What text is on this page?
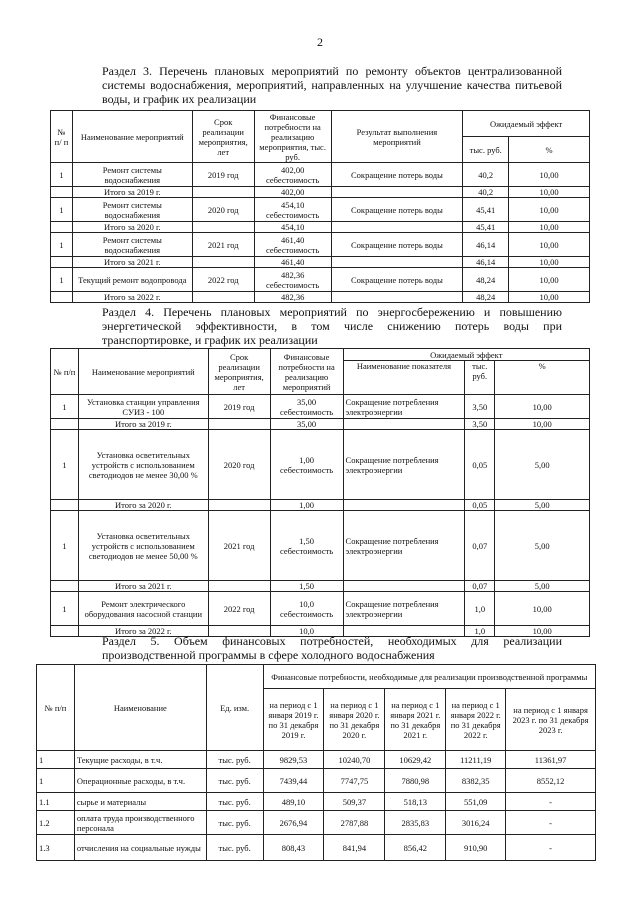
2
Раздел 3. Перечень плановых мероприятий по ремонту объектов централизованной системы водоснабжения, мероприятий, направленных на улучшение качества питьевой воды, и график их реализации
№ п/ п	Наименование мероприятий	Срок реализации мероприятия, лет	Финансовые потребности на реализацию мероприятия, тыс. руб.	Результат выполнения мероприятий	Ожидаемый эффект	
					тыс. руб.	%
1	Ремонт системы водоснабжения	2019 год	402,00 себестоимость	Сокращение потерь воды	40,2	10,00
	Итого за 2019 г.		402,00		40,2	10,00
1	Ремонт системы водоснабжения	2020 год	454,10 себестоимость	Сокращение потерь воды	45,41	10,00
	Итого за 2020 г.		454,10		45,41	10,00
1	Ремонт системы водоснабжения	2021 год	461,40 себестоимость	Сокращение потерь воды	46,14	10,00
	Итого за 2021 г.		461,40		46,14	10,00
1	Текущий ремонт водопровода	2022 год	482,36 себестоимость	Сокращение потерь воды	48,24	10,00
	Итого за 2022 г.		482,36		48,24	10,00
Раздел 4. Перечень плановых мероприятий по энергосбережению и повышению энергетической эффективности, в том числе снижению потерь воды при транспортировке, и график их реализации
№ п/п	Наименование мероприятий	Срок реализации мероприятия, лет	Финансовые потребности на реализацию мероприятий	Ожидаемый эффект		
				Наименование показателя	тыс. руб.	%
1	Установка станции управления СУИЗ - 100	2019 год	35,00 себестоимость	Сокращение потребления электроэнергии	3,50	10,00
	Итого за 2019 г.		35,00		3,50	10,00
1	Установка осветительных устройств с использованием светодиодов не менее 30,00 %	2020 год	1,00 себестоимость	Сокращение потребления электроэнергии	0,05	5,00
	Итого за 2020 г.		1,00		0,05	5,00
1	Установка осветительных устройств с использованием светодиодов не менее 50,00 %	2021 год	1,50 себестоимость	Сокращение потребления электроэнергии	0,07	5,00
	Итого за 2021 г.		1,50		0,07	5,00
1	Ремонт электрического оборудования насосной станции	2022 год	10,0 себестоимость	Сокращение потребления электроэнергии	1,0	10,00
	Итого за 2022 г.		10,0		1,0	10,00
Раздел 5. Объем финансовых потребностей, необходимых для реализации производственной программы в сфере холодного водоснабжения
№ п/п	Наименование	Ед. изм.	Финансовые потребности, необходимые для реализации производственной программы				
			на период с 1 января 2019 г. по 31 декабря 2019 г.	на период с 1 января 2020 г. по 31 декабря 2020 г.	на период с 1 января 2021 г. по 31 декабря 2021 г.	на период с 1 января 2022 г. по 31 декабря 2022 г.	на период с 1 января 2023 г. по 31 декабря 2023 г.
1	Текущие расходы, в т.ч.	тыс. руб.	9829,53	10240,70	10629,42	11211,19	11361,97
1	Операционные расходы, в т.ч.	тыс. руб.	7439,44	7747,75	7880,98	8382,35	8552,12
1.1	сырье и материалы	тыс. руб.	489,10	509,37	518,13	551,09	-
1.2	оплата труда производственного персонала	тыс. руб.	2676,94	2787,88	2835,83	3016,24	-
1.3	отчисления на социальные нужды	тыс. руб.	808,43	841,94	856,42	910,90	-
